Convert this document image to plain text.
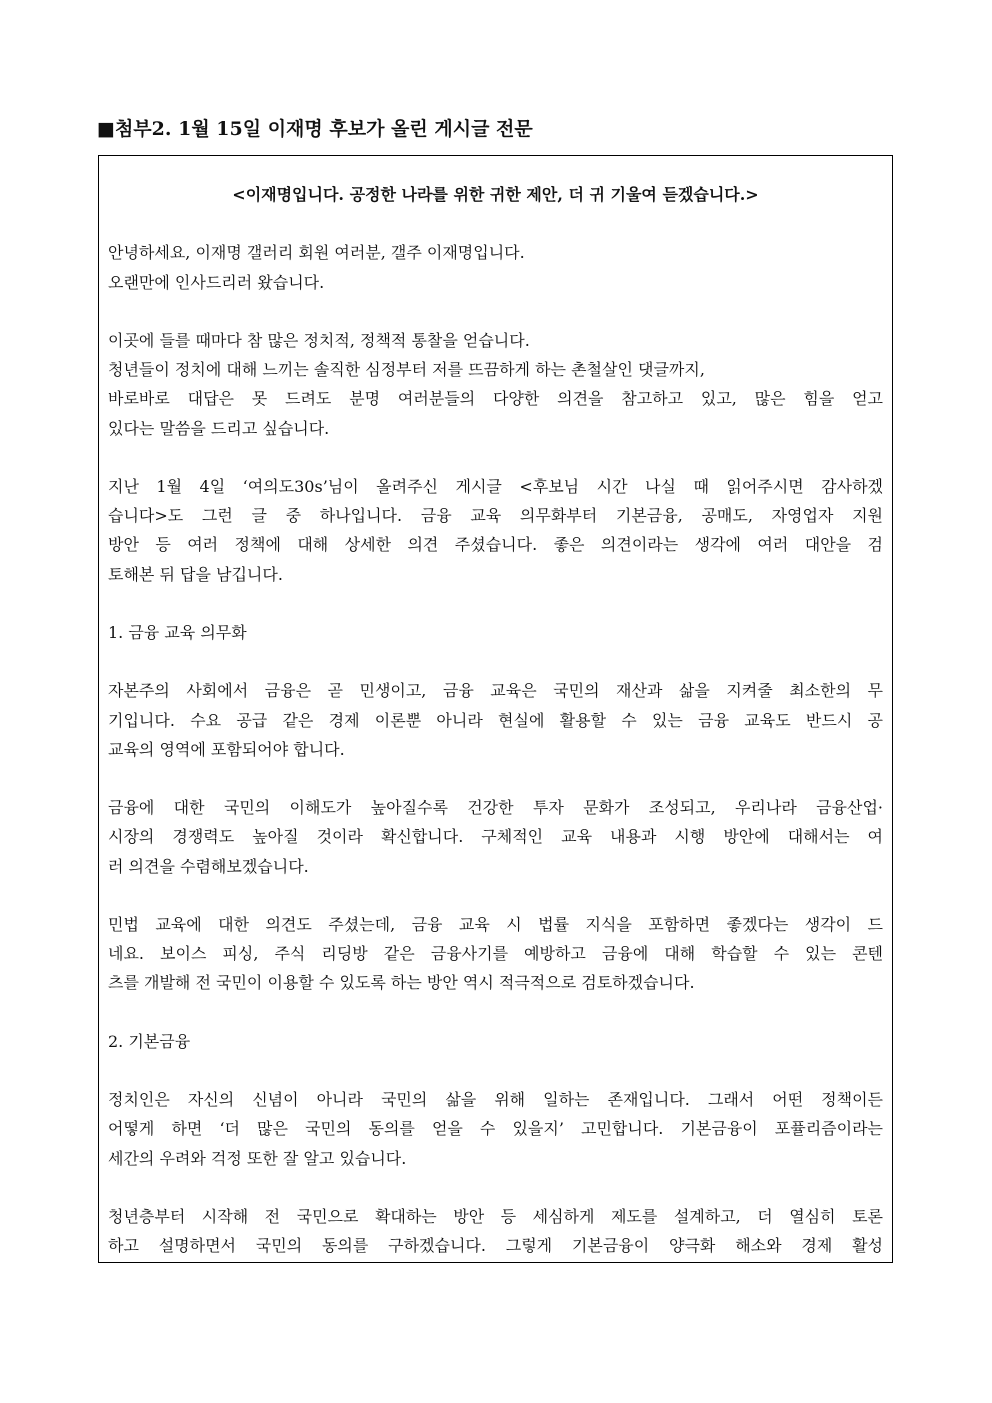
■첨부2. 1월 15일 이재명 후보가 올린 게시글 전문

<이재명입니다. 공정한 나라를 위한 귀한 제안, 더 귀 기울여 듣겠습니다.>

안녕하세요, 이재명 갤러리 회원 여러분, 갤주 이재명입니다.
오랜만에 인사드리러 왔습니다.
이곳에 들를 때마다 참 많은 정치적, 정책적 통찰을 얻습니다.
청년들이 정치에 대해 느끼는 솔직한 심정부터 저를 뜨끔하게 하는 촌철살인 댓글까지,
바로바로 대답은 못 드려도 분명 여러분들의 다양한 의견을 참고하고 있고, 많은 힘을 얻고
있다는 말씀을 드리고 싶습니다.
지난 1월 4일 ‘여의도30s’님이 올려주신 게시글 <후보님 시간 나실 때 읽어주시면 감사하겠
습니다>도 그런 글 중 하나입니다. 금융 교육 의무화부터 기본금융, 공매도, 자영업자 지원
방안 등 여러 정책에 대해 상세한 의견 주셨습니다. 좋은 의견이라는 생각에 여러 대안을 검
토해본 뒤 답을 남깁니다.
1. 금융 교육 의무화
자본주의 사회에서 금융은 곧 민생이고, 금융 교육은 국민의 재산과 삶을 지켜줄 최소한의 무
기입니다. 수요 공급 같은 경제 이론뿐 아니라 현실에 활용할 수 있는 금융 교육도 반드시 공
교육의 영역에 포함되어야 합니다.
금융에 대한 국민의 이해도가 높아질수록 건강한 투자 문화가 조성되고, 우리나라 금융산업·
시장의 경쟁력도 높아질 것이라 확신합니다. 구체적인 교육 내용과 시행 방안에 대해서는 여
러 의견을 수렴해보겠습니다.
민법 교육에 대한 의견도 주셨는데, 금융 교육 시 법률 지식을 포함하면 좋겠다는 생각이 드
네요. 보이스 피싱, 주식 리딩방 같은 금융사기를 예방하고 금융에 대해 학습할 수 있는 콘텐
츠를 개발해 전 국민이 이용할 수 있도록 하는 방안 역시 적극적으로 검토하겠습니다.
2. 기본금융
정치인은 자신의 신념이 아니라 국민의 삶을 위해 일하는 존재입니다. 그래서 어떤 정책이든
어떻게 하면 ‘더 많은 국민의 동의를 얻을 수 있을지’ 고민합니다. 기본금융이 포퓰리즘이라는
세간의 우려와 걱정 또한 잘 알고 있습니다.
청년층부터 시작해 전 국민으로 확대하는 방안 등 세심하게 제도를 설계하고, 더 열심히 토론
하고 설명하면서 국민의 동의를 구하겠습니다. 그렇게 기본금융이 양극화 해소와 경제 활성
